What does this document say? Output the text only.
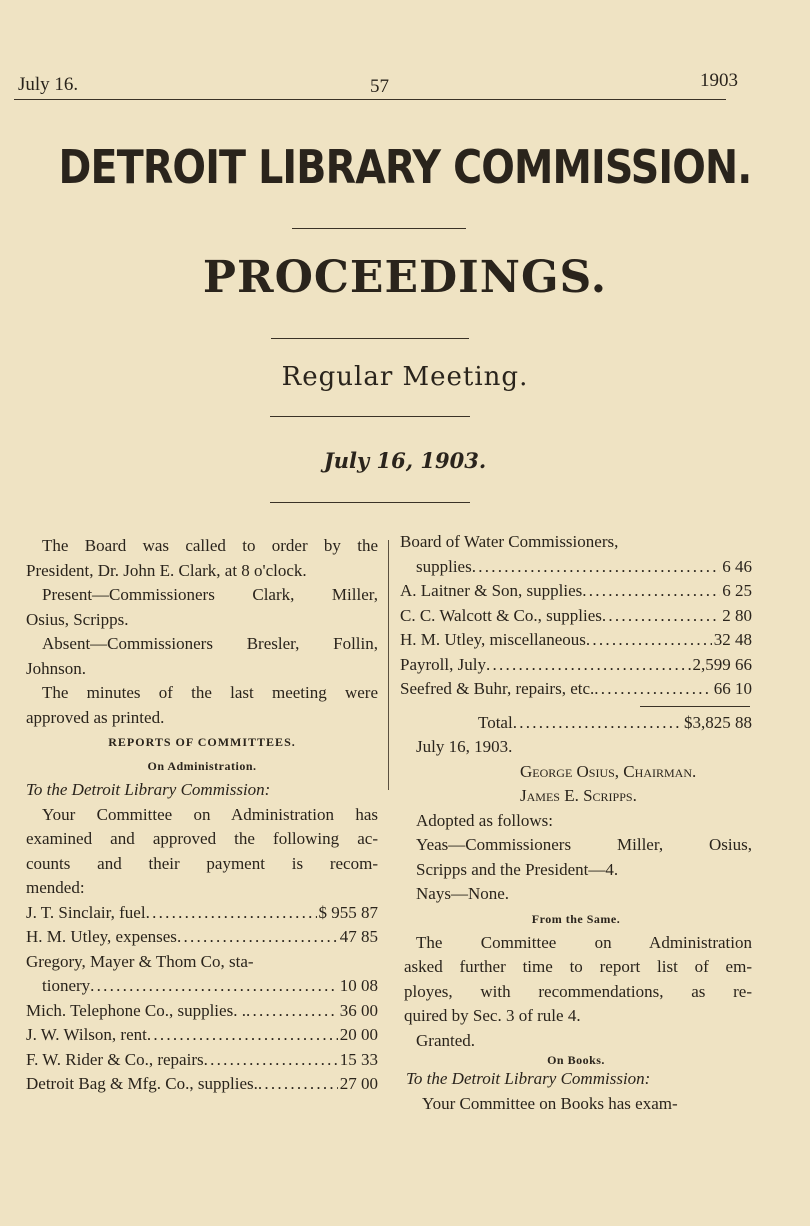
July 16.	57	1903
DETROIT LIBRARY COMMISSION.
PROCEEDINGS.
Regular Meeting.
July 16, 1903.

The Board was called to order by the

President, Dr. John E. Clark, at 8 o'clock.

Present—Commissioners Clark, Miller,

Osius, Scripps.

Absent—Commissioners Bresler, Follin,

Johnson.

The minutes of the last meeting were

approved as printed.

REPORTS OF COMMITTEES.

On Administration.

To the Detroit Library Commission:

Your Committee on Administration has

examined and approved the following ac-

counts and their payment is recom-

mended:

J. T. Sinclair, fuel . . .	$ 955 87
H. M. Utley, expenses . . .	47 85
Gregory, Mayer & Thom Co, sta-
tionery . . .	10 08
Mich. Telephone Co., supplies. . . . .	36 00
J. W. Wilson, rent . . .	20 00
F. W. Rider & Co., repairs . . .	15 33
Detroit Bag & Mfg. Co., supplies. . . .	27 00

Board of Water Commissioners,

supplies . . .	6 46
A. Laitner & Son, supplies . . .	6 25
C. C. Walcott & Co., supplies . . .	2 80
H. M. Utley, miscellaneous . . .	32 48
Payroll, July . . .	2,599 66
Seefred & Buhr, repairs, etc. . . .	66 10
Total . . .	$3,825 88

July 16, 1903.

George Osius, Chairman.

James E. Scripps.

Adopted as follows:

Yeas—Commissioners Miller, Osius,

Scripps and the President—4.

Nays—None.

From the Same.

The Committee on Administration

asked further time to report list of em-

ployes, with recommendations, as re-

quired by Sec. 3 of rule 4.

Granted.

On Books.

To the Detroit Library Commission:

Your Committee on Books has exam-
